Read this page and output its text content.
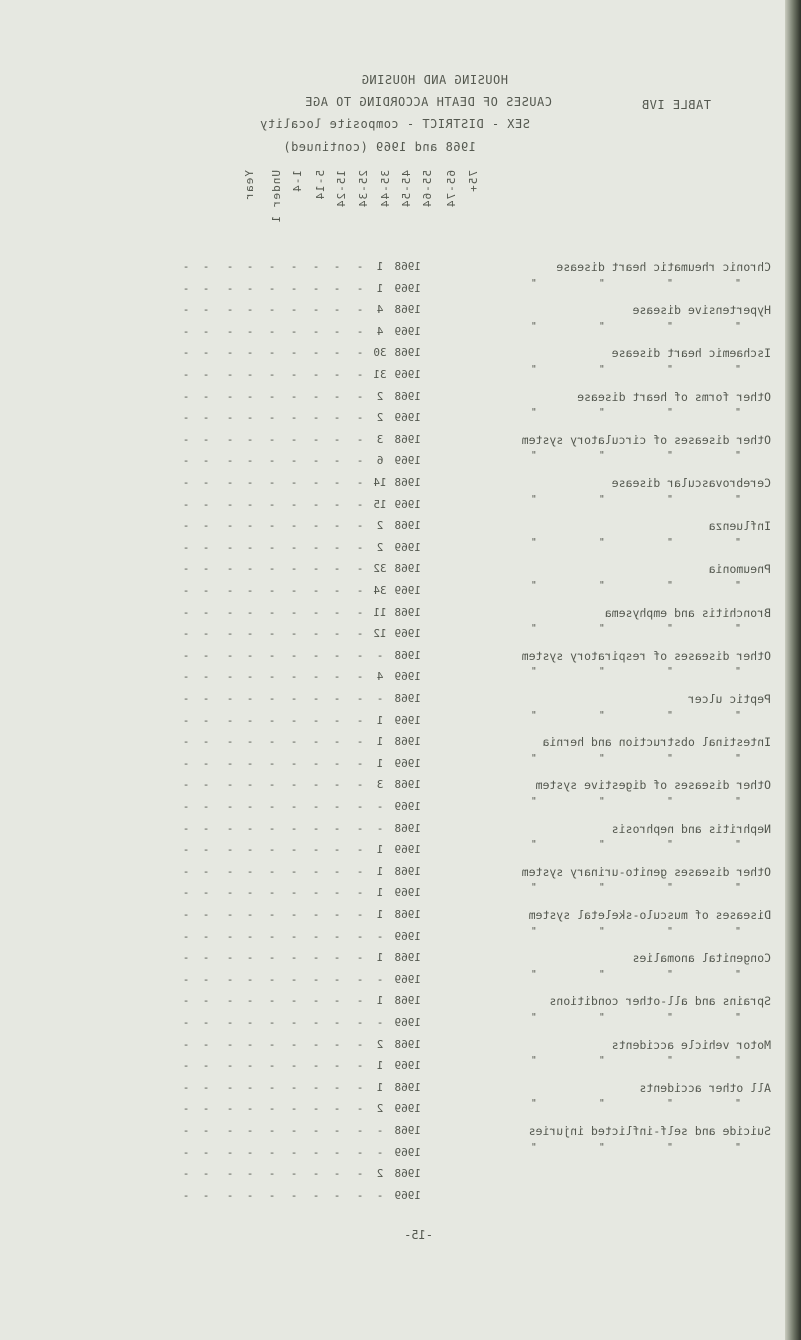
HOUSING AND HOUSING
CAUSES OF DEATH ACCORDING TO AGE
SEX - DISTRICT - composite locality
1968 and 1969 (continued)
TABLE IVB
Chronic rheumatic heart disease
" " " "
Hypertensive disease
" " " "
Ischaemic heart disease
" " " "
Other forms of heart disease
" " " "
Other diseases of circulatory system
" " " "
Cerebrovascular disease
" " " "
Influenza
" " " "
Pneumonia
" " " "
Bronchitis and emphysema
" " " "
Other diseases of respiratory system
" " " "
Peptic ulcer
" " " "
Intestinal obstruction and hernia
" " " "
Other diseases of digestive system
" " " "
Nephritis and nephrosis
" " " "
Other diseases genito-urinary system
" " " "
Diseases of musculo-skeletal system
" " " "
Congenital anomalies
" " " "
Sprains and all-other conditions
" " " "
Motor vehicle accidents
" " " "
All other accidents
" " " "
Suicide and self-inflicted injuries
" " " "
1968
1969
1968
1969
1968
1969
1968
1969
1968
1969
1968
1969
1968
1969
1968
1969
1968
1969
1968
1969
1968
1969
1968
1969
1968
1969
1968
1969
1968
1969
1968
1969
1968
1969
1968
1969
1968
1969
1968
1969
1968
1969
1968
1969
Year Under 1 1-4 5-14 15-24 25-34 35-44 45-54 55-64 65-74 75+
1
1
4
4
30
31
2
2
3
6
14
15
2
2
32
34
11
12
-
4
-
1
1
1
3
-
-
1
1
1
1
-
1
-
1
-
2
1
1
2
-
-
2
-
-
-
-
-
-
-
-
-
-
-
-
-
-
-
-
-
-
-
-
-
-
-
-
-
-
-
-
-
-
-
-
-
-
-
-
-
-
-
-
-
-
-
-
-
-
-
-
-
-
-
-
-
-
-
-
-
-
-
-
-
-
-
-
-
-
-
-
-
-
-
-
-
-
-
-
-
-
-
-
-
-
-
-
-
-
-
-
-
-
-
-
-
-
-
-
-
-
-
-
-
-
-
-
-
-
-
-
-
-
-
-
-
-
-
-
-
-
-
-
-
-
-
-
-
-
-
-
-
-
-
-
-
-
-
-
-
-
-
-
-
-
-
-
-
-
-
-
-
-
-
-
-
-
-
-
-
-
-
-
-
-
-
-
-
-
-
-
-
-
-
-
-
-
-
-
-
-
-
-
-
-
-
-
-
-
-
-
-
-
-
-
-
-
-
-
-
-
-
-
-
-
-
-
-
-
-
-
-
-
-
-
-
-
-
-
-
-
-
-
-
-
-
-
-
-
-
-
-
-
-
-
-
-
-
-
-
-
-
-
-
-
-
-
-
-
-
-
-
-
-
-
-
-
-
-
-
-
-
-
-
-
-
-
-
-
-
-
-
-
-
-
-
-
-
-
-
-
-
-
-
-
-
-
-
-
-
-
-
-
-
-
-
-
-
-
-
-
-
-
-
-
-
-
-
-
-
-
-
-
-
-
-
-
-
-
-
-
-
-
-
-
-
-
-
-
-
-
-
-
-
-
-
-
-
-
-
-
-
-
-
-
-
-
-
-
-
-
-
-
-
-
-
-
-
-
-
-
-
-
-
-
-
-
-
-
-
-
-
-
-
-
-
-
-
-
-
-
-
-
-
-
-
-
-
-
-
-
-
-
-
-
-
-
-
-
-
-15-
